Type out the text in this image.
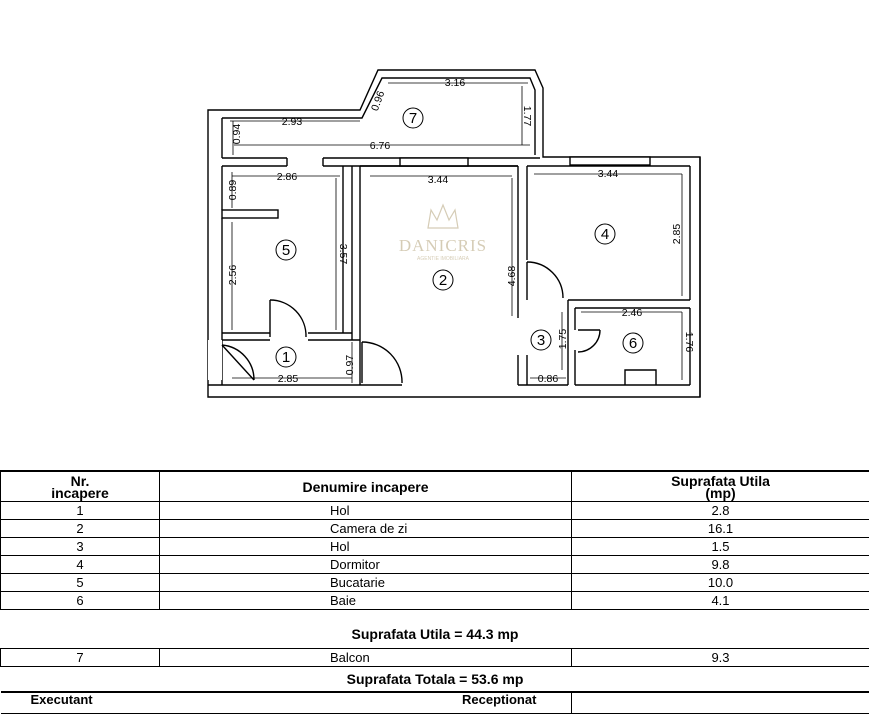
DANICRIS
AGENTIE IMOBILIARA
3.16
0.96
2.93
0.94
1.77
6.76
2.86
0.89	3.44	3.44
3.57
2.56
2.85
4.68
2.46
1.75	1.76
0.97
2.85	0.86
7
5
2
4
1
3	6
Nr.
incapere	Denumire incapere	Suprafata Utila
(mp)
1	Hol	2.8
2	Camera de zi	16.1
3	Hol	1.5
4	Dormitor	9.8
5	Bucatarie	10.0
6	Baie	4.1
Suprafata Utila = 44.3 mp
7	Balcon	9.3
Suprafata Totala = 53.6 mp
Executant		Receptionat
